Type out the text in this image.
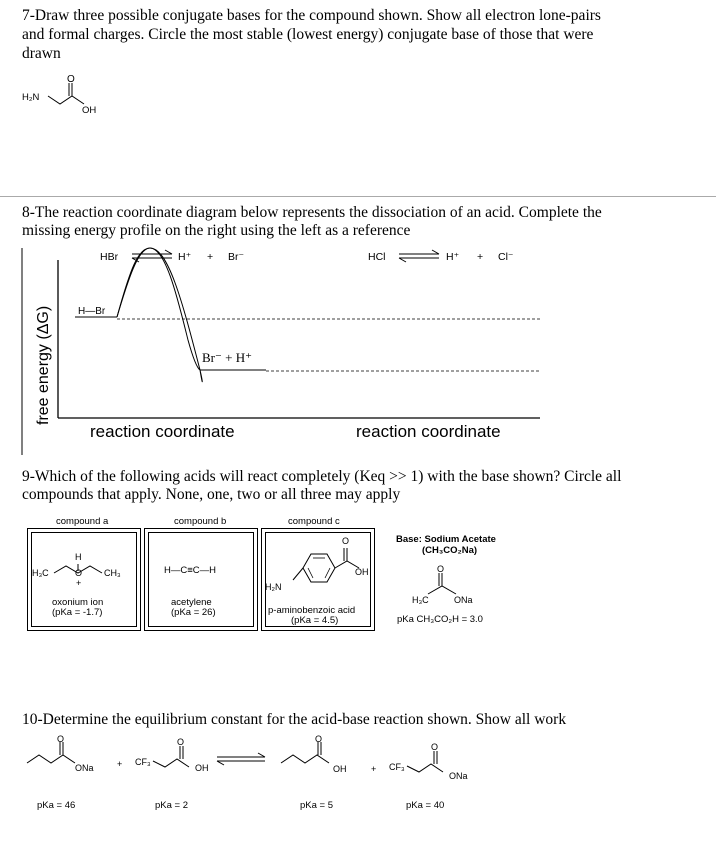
7-Draw three possible conjugate bases for the compound shown. Show all electron lone-pairs
and formal charges. Circle the most stable (lowest energy) conjugate base of those that were
drawn
O
H₂N
OH
8-The reaction coordinate diagram below represents the dissociation of an acid. Complete the
missing energy profile on the right using the left as a reference
free energy (ΔG)	H—Br
Br⁻ + H⁺
HBr	H⁺ + Br⁻	HCl	H⁺ + Cl⁻
reaction coordinate	reaction coordinate
9-Which of the following acids will react completely (Keq >> 1) with the base shown? Circle all
compounds that apply. None, one, two or all three may apply
compound a	compound b	compound c
H
O
+
H₃C	CH₃
oxonium ion
(pKa = -1.7)
H—C≡C—H
acetylene
(pKa = 26)
O
OH
H₂N
p-aminobenzoic acid
(pKa = 4.5)
Base: Sodium Acetate
(CH₃CO₂Na)
O
H₃C	ONa
pKa CH₃CO₂H = 3.0
10-Determine the equilibrium constant for the acid-base reaction shown. Show all work
O
ONa	+ CF₃
O
OH
O
OH	+ CF₃
O
ONa
pKa = 46	pKa = 2	pKa = 5	pKa = 40
